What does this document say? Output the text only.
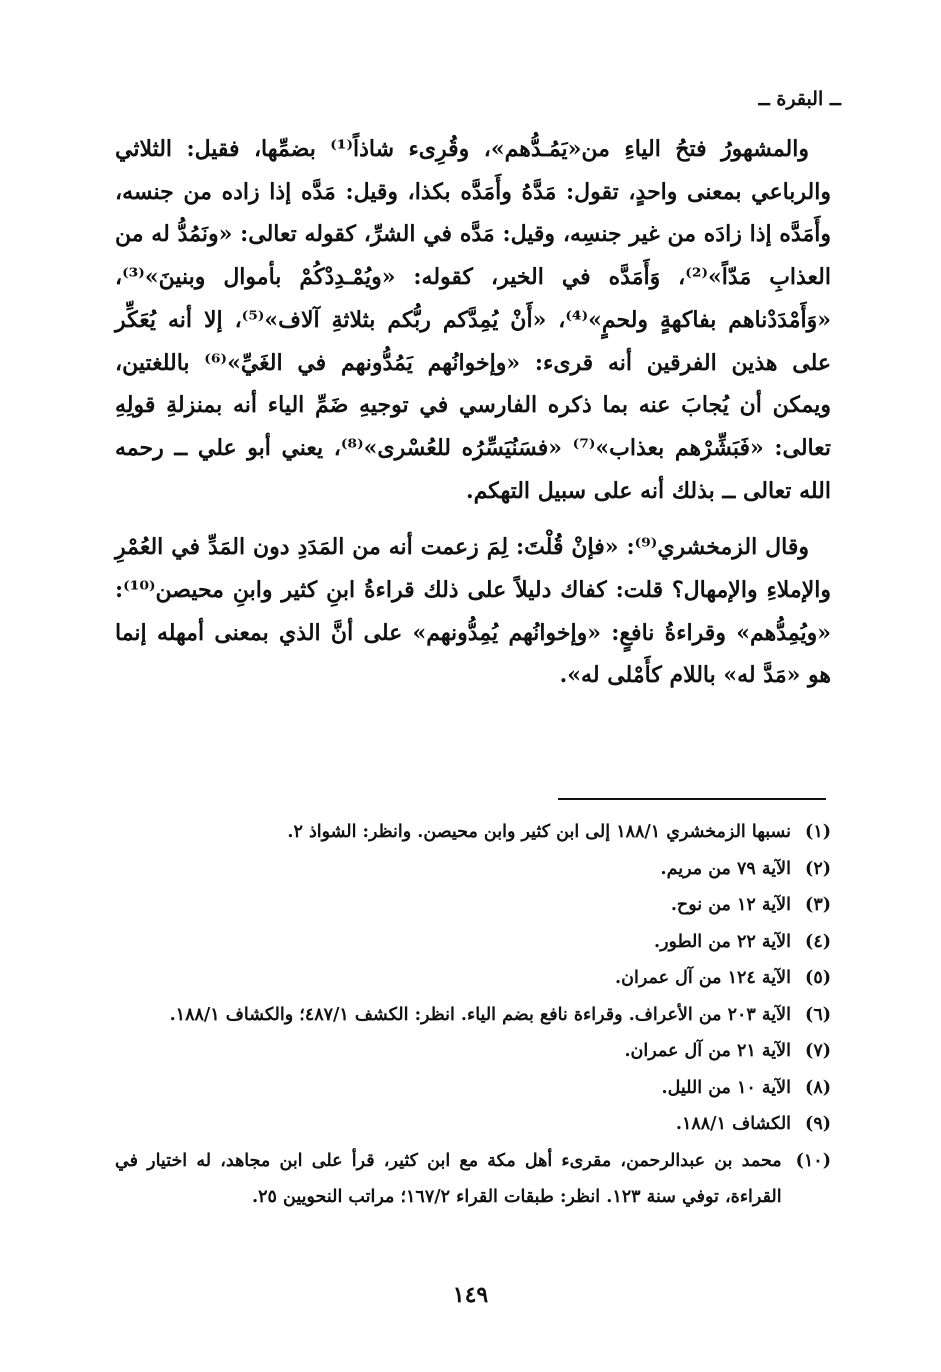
ــ البقرة ــ

والمشهورُ فتحُ الياءِ من«يَمُـدُّهم»، وقُرِىء شاذاً⁽¹⁾ بضمِّها، فقيل: الثلاثي والرباعي بمعنى واحدٍ، تقول: مَدَّهُ وأَمَدَّه بكذا، وقيل: مَدَّه إذا زاده من جنسه، وأَمَدَّه إذا زادَه من غير جنسِه، وقيل: مَدَّه في الشرِّ، كقوله تعالى: «ونَمُدُّ له من العذابِ مَدّاً»⁽²⁾، وَأَمَدَّه في الخير، كقوله: «ويُمْـدِدْكُمْ بأموال وبنينَ»⁽³⁾، «وَأَمْدَدْناهم بفاكهةٍ ولحمٍ»⁽⁴⁾، «أَنْ يُمِدَّكم ربُّكم بثلاثةِ آلاف»⁽⁵⁾، إلا أنه يُعَكِّر على هذين الفرقين أنه قرىء: «وإخوانُهم يَمُدُّونهم في الغَيِّ»⁽⁶⁾ باللغتين، ويمكن أن يُجابَ عنه بما ذكره الفارسي في توجيهِ ضَمِّ الياء أنه بمنزلةِ قولِهِ تعالى: «فَبَشِّرْهم بعذاب»⁽⁷⁾ «فسَنُيَسِّرُه للعُسْرى»⁽⁸⁾، يعني أبو علي ــ رحمه الله تعالى ــ بذلك أنه على سبيل التهكم.

وقال الزمخشري⁽⁹⁾: «فإنْ قُلْتَ: لِمَ زعمت أنه من المَدَدِ دون المَدِّ في العُمْرِ والإملاءِ والإمهال؟ قلت: كفاك دليلاً على ذلك قراءةُ ابنِ كثير وابنِ محيصن⁽¹⁰⁾: «ويُمِدُّهم» وقراءةُ نافعٍ: «وإخوانُهم يُمِدُّونهم» على أنَّ الذي بمعنى أمهله إنما هو «مَدَّ له» باللام كأَمْلى له».

(١)
نسبها الزمخشري ١٨٨/١ إلى ابن كثير وابن محيصن. وانظر: الشواذ ٢.
(٢)
الآية ٧٩ من مريم.
(٣)
الآية ١٢ من نوح.
(٤)
الآية ٢٢ من الطور.
(٥)
الآية ١٢٤ من آل عمران.
(٦)
الآية ٢٠٣ من الأعراف. وقراءة نافع بضم الياء. انظر: الكشف ٤٨٧/١؛ والكشاف ١٨٨/١.
(٧)
الآية ٢١ من آل عمران.
(٨)
الآية ١٠ من الليل.
(٩)
الكشاف ١٨٨/١.
(١٠)
محمد بن عبدالرحمن، مقرىء أهل مكة مع ابن كثير، قرأ على ابن مجاهد، له اختيار في القراءة، توفي سنة ١٢٣. انظر: طبقات القراء ١٦٧/٢؛ مراتب النحويين ٢٥.
١٤٩
